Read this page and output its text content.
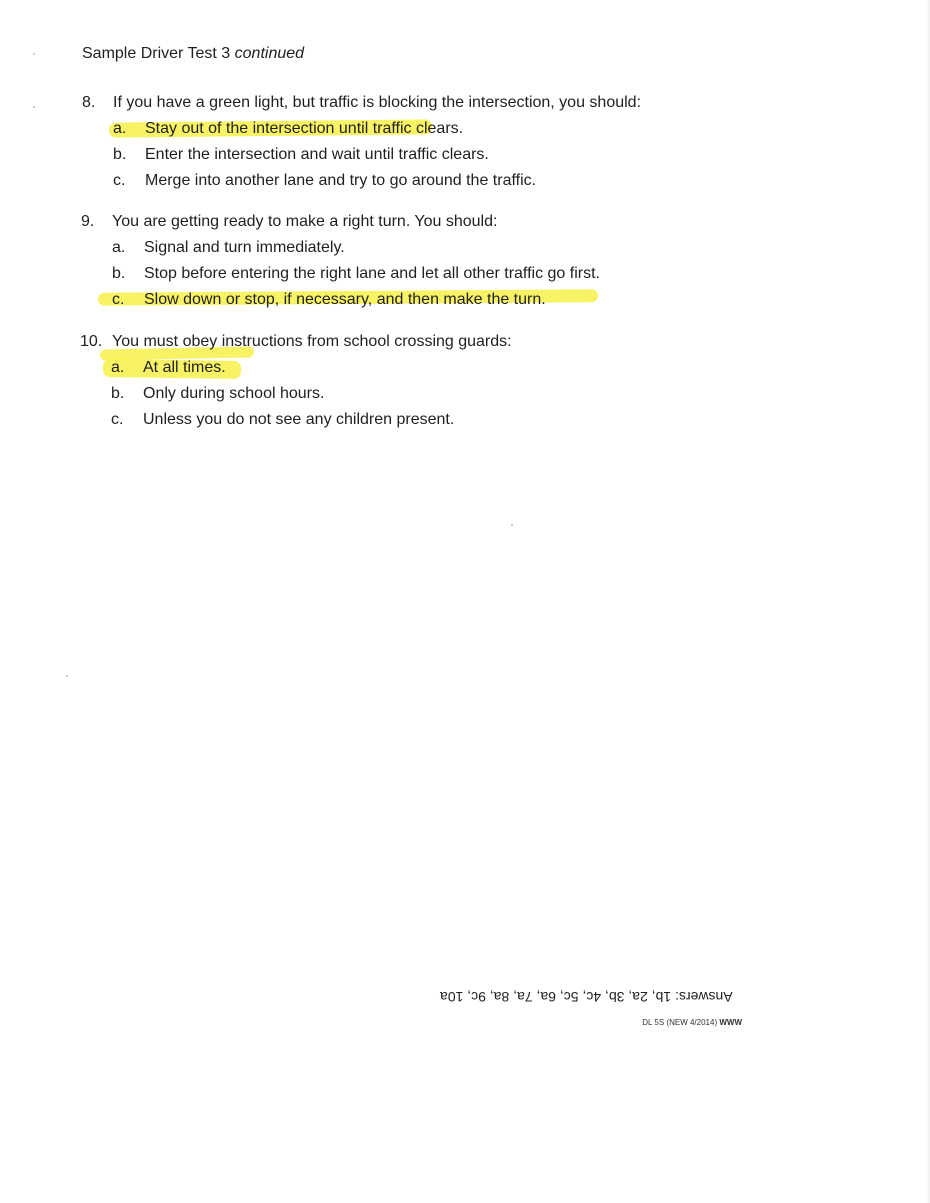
Sample Driver Test 3 continued
8. If you have a green light, but traffic is blocking the intersection, you should:
a. Stay out of the intersection until traffic clears.
b. Enter the intersection and wait until traffic clears.
c. Merge into another lane and try to go around the traffic.
9. You are getting ready to make a right turn. You should:
a. Signal and turn immediately.
b. Stop before entering the right lane and let all other traffic go first.
c. Slow down or stop, if necessary, and then make the turn.
10. You must obey instructions from school crossing guards:
a. At all times.
b. Only during school hours.
c. Unless you do not see any children present.
Answers: 1b, 2a, 3b, 4c, 5c, 6a, 7a, 8a, 9c, 10a
DL 5S (NEW 4/2014) WWW
